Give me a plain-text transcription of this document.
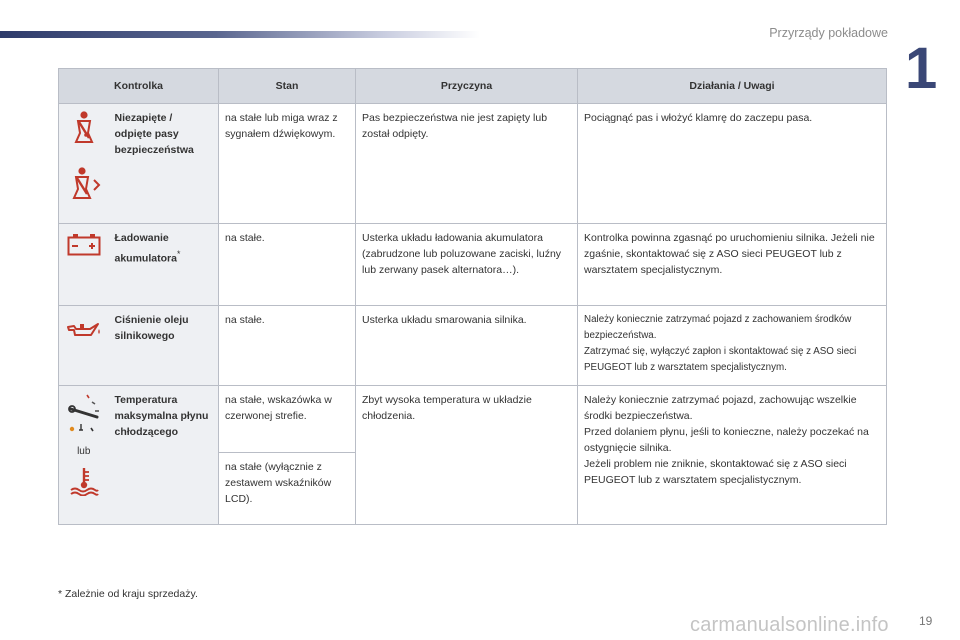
Przyrządy pokładowe
1
Kontrolka		Stan	Przyczyna	Działania / Uwagi

	Niezapięte / odpięte pasy bezpieczeństwa	na stałe lub miga wraz z sygnałem dźwiękowym.	Pas bezpieczeństwa nie jest zapięty lub został odpięty.	Pociągnąć pas i włożyć klamrę do zaczepu pasa.

	Ładowanie akumulatora*	na stałe.	Usterka układu ładowania akumulatora (zabrudzone lub poluzowane zaciski, luźny lub zerwany pasek alternatora…).	Kontrolka powinna zgasnąć po uruchomieniu silnika. Jeżeli nie zgaśnie, skontaktować się z ASO sieci PEUGEOT lub z warsztatem specjalistycznym.

	Ciśnienie oleju silnikowego	na stałe.	Usterka układu smarowania silnika.	Należy koniecznie zatrzymać pojazd z zachowaniem środków bezpieczeństwa.
Zatrzymać się, wyłączyć zapłon i skontaktować się z ASO sieci PEUGEOT lub z warsztatem specjalistycznym.

lub	Temperatura maksymalna płynu chłodzącego	na stałe, wskazówka w czerwonej strefie.	Zbyt wysoka temperatura w układzie chłodzenia.	Należy koniecznie zatrzymać pojazd, zachowując wszelkie środki bezpieczeństwa.
Przed dolaniem płynu, jeśli to konieczne, należy poczekać na ostygnięcie silnika.
Jeżeli problem nie zniknie, skontaktować się z ASO sieci PEUGEOT lub z warsztatem specjalistycznym.

		na stałe (wyłącznie z zestawem wskaźników LCD).		
* Zależnie od kraju sprzedaży.
carmanualsonline.info	19
